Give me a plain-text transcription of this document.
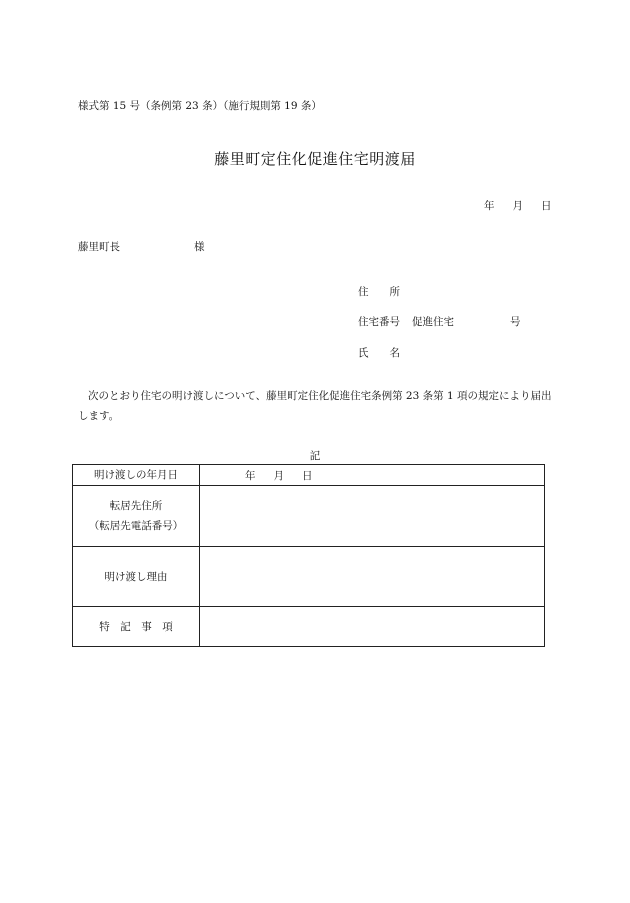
様式第 15 号（条例第 23 条）（施行規則第 19 条）
藤里町定住化促進住宅明渡届
年 月 日
藤里町長	様
住　　所
住宅番号 促進住宅	号
氏　　名
次のとおり住宅の明け渡しについて、藤里町定住化促進住宅条例第 23 条第 1 項の規定により届出します。
記
明け渡しの年月日	年 月 日

転居先住所
（転居先電話番号）	

明け渡し理由	
特　記　事　項	
